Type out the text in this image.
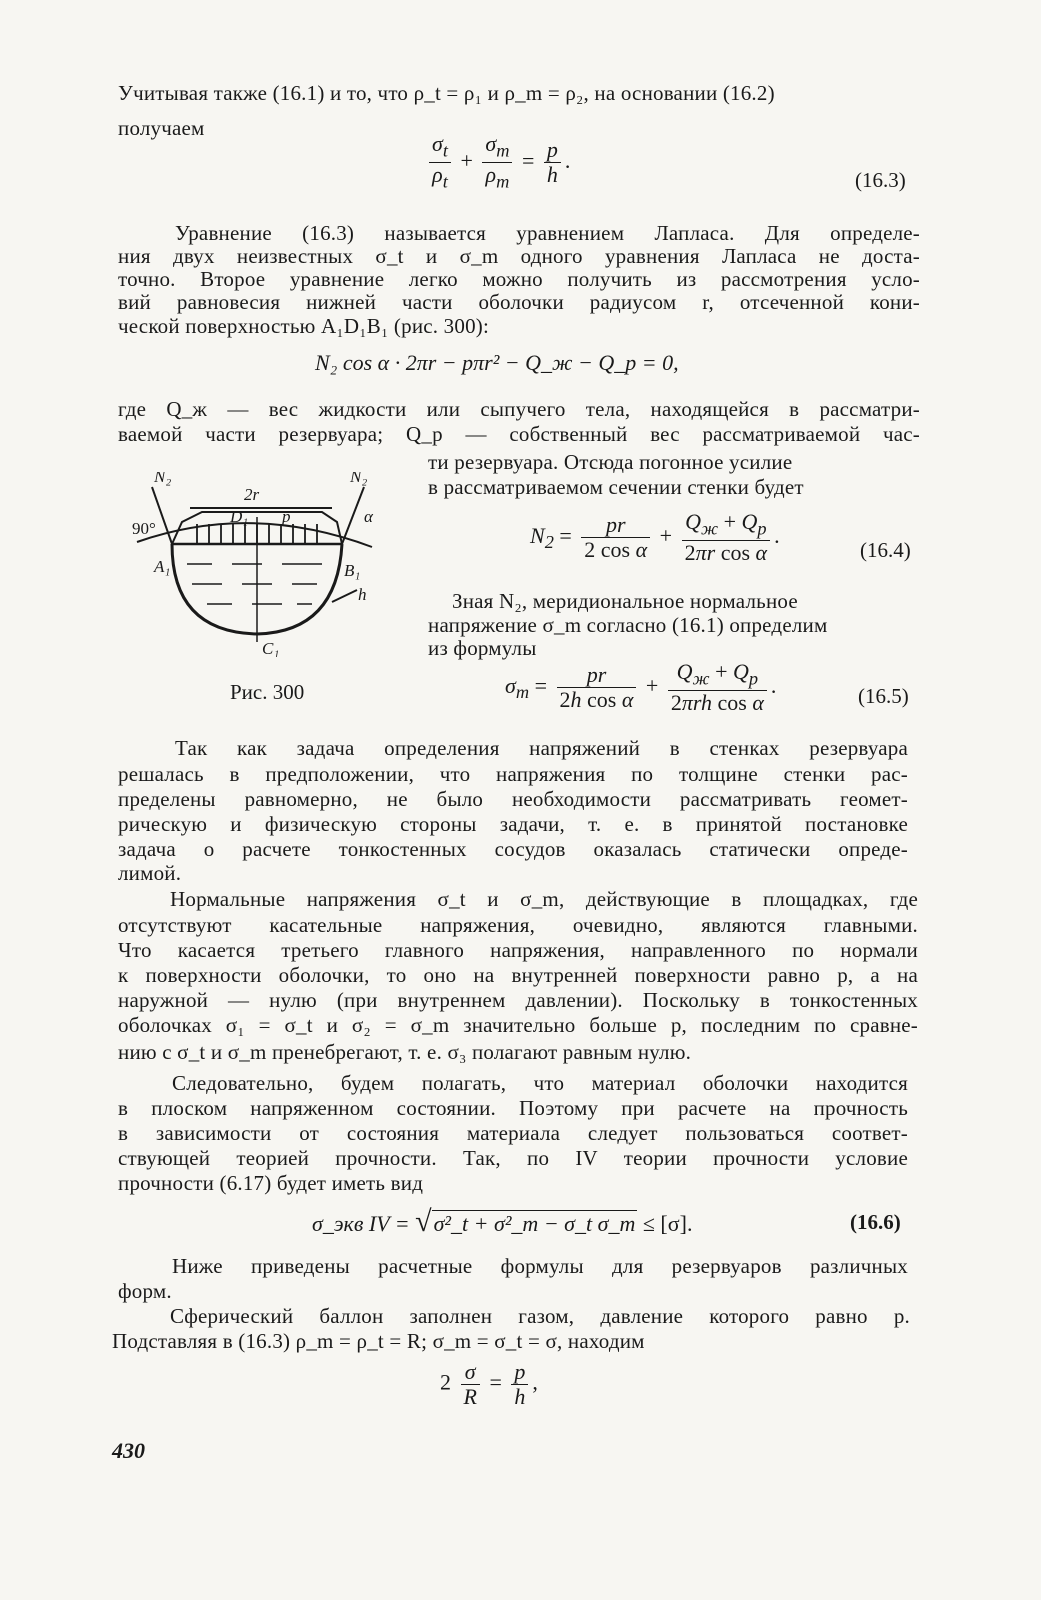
Учитывая также (16.1) и то, что ρ_t = ρ₁ и ρ_m = ρ₂, на основании (16.2)
получаем
$\frac{\sigma_t}{\rho_t} + \frac{\sigma_m}{\rho_m} = \frac{p}{h}$ .
(16.3)
Уравнение (16.3) называется уравнением Лапласа. Для определе-
ния двух неизвестных σ_t и σ_m одного уравнения Лапласа не доста-
точно. Второе уравнение легко можно получить из рассмотрения усло-
вий равновесия нижней части оболочки радиусом r, отсеченной кони-
ческой поверхностью A₁D₁B₁ (рис. 300):
N₂ cos α · 2πr − pπr² − Q_ж − Q_p = 0,
где Q_ж — вес жидкости или сыпучего тела, находящейся в рассматри-
ваемой части резервуара; Q_p — собственный вес рассматриваемой час-
ти резервуара. Отсюда погонное усилие
в рассматриваемом сечении стенки будет
N₂	N₂
2r
D₁ p	α
90°
A₁	B₁
h
C₁
Рис. 300
$N_2 = \frac{pr}{\text{2 cos α}} + \frac{Q_ж + Q_р}{\text{2πr cos α}}$ .
(16.4)
Зная N₂, меридиональное нормальное
напряжение σ_m согласно (16.1) определим
из формулы
$\sigma_m = \frac{pr}{\text{2h cos α}} + \frac{Q_ж + Q_р}{\text{2πrh cos α}}$ .	(16.5)
Так как задача определения напряжений в стенках резервуара
решалась в предположении, что напряжения по толщине стенки рас-
пределены равномерно, не было необходимости рассматривать геомет-
рическую и физическую стороны задачи, т. е. в принятой постановке
задача о расчете тонкостенных сосудов оказалась статически опреде-
лимой.
Нормальные напряжения σ_t и σ_m, действующие в площадках, где
отсутствуют касательные напряжения, очевидно, являются главными.
Что касается третьего главного напряжения, направленного по нормали
к поверхности оболочки, то оно на внутренней поверхности равно p, а на
наружной — нулю (при внутреннем давлении). Поскольку в тонкостенных
оболочках σ₁ = σ_t и σ₂ = σ_m значительно больше p, последним по сравне-
нию с σ_t и σ_m пренебрегают, т. е. σ₃ полагают равным нулю.
Следовательно, будем полагать, что материал оболочки находится
в плоском напряженном состоянии. Поэтому при расчете на прочность
в зависимости от состояния материала следует пользоваться соответ-
ствующей теорией прочности. Так, по IV теории прочности условие
прочности (6.17) будет иметь вид
σ_экв IV = √σ²_t + σ²_m − σ_t σ_m ≤ [σ].	(16.6)
Ниже приведены расчетные формулы для резервуаров различных
форм.
Сферический баллон заполнен газом, давление которого равно p.
Подставляя в (16.3) ρ_m = ρ_t = R; σ_m = σ_t = σ, находим
$2 \frac{\sigma}{R} = \frac{p}{h}$ ,
430
